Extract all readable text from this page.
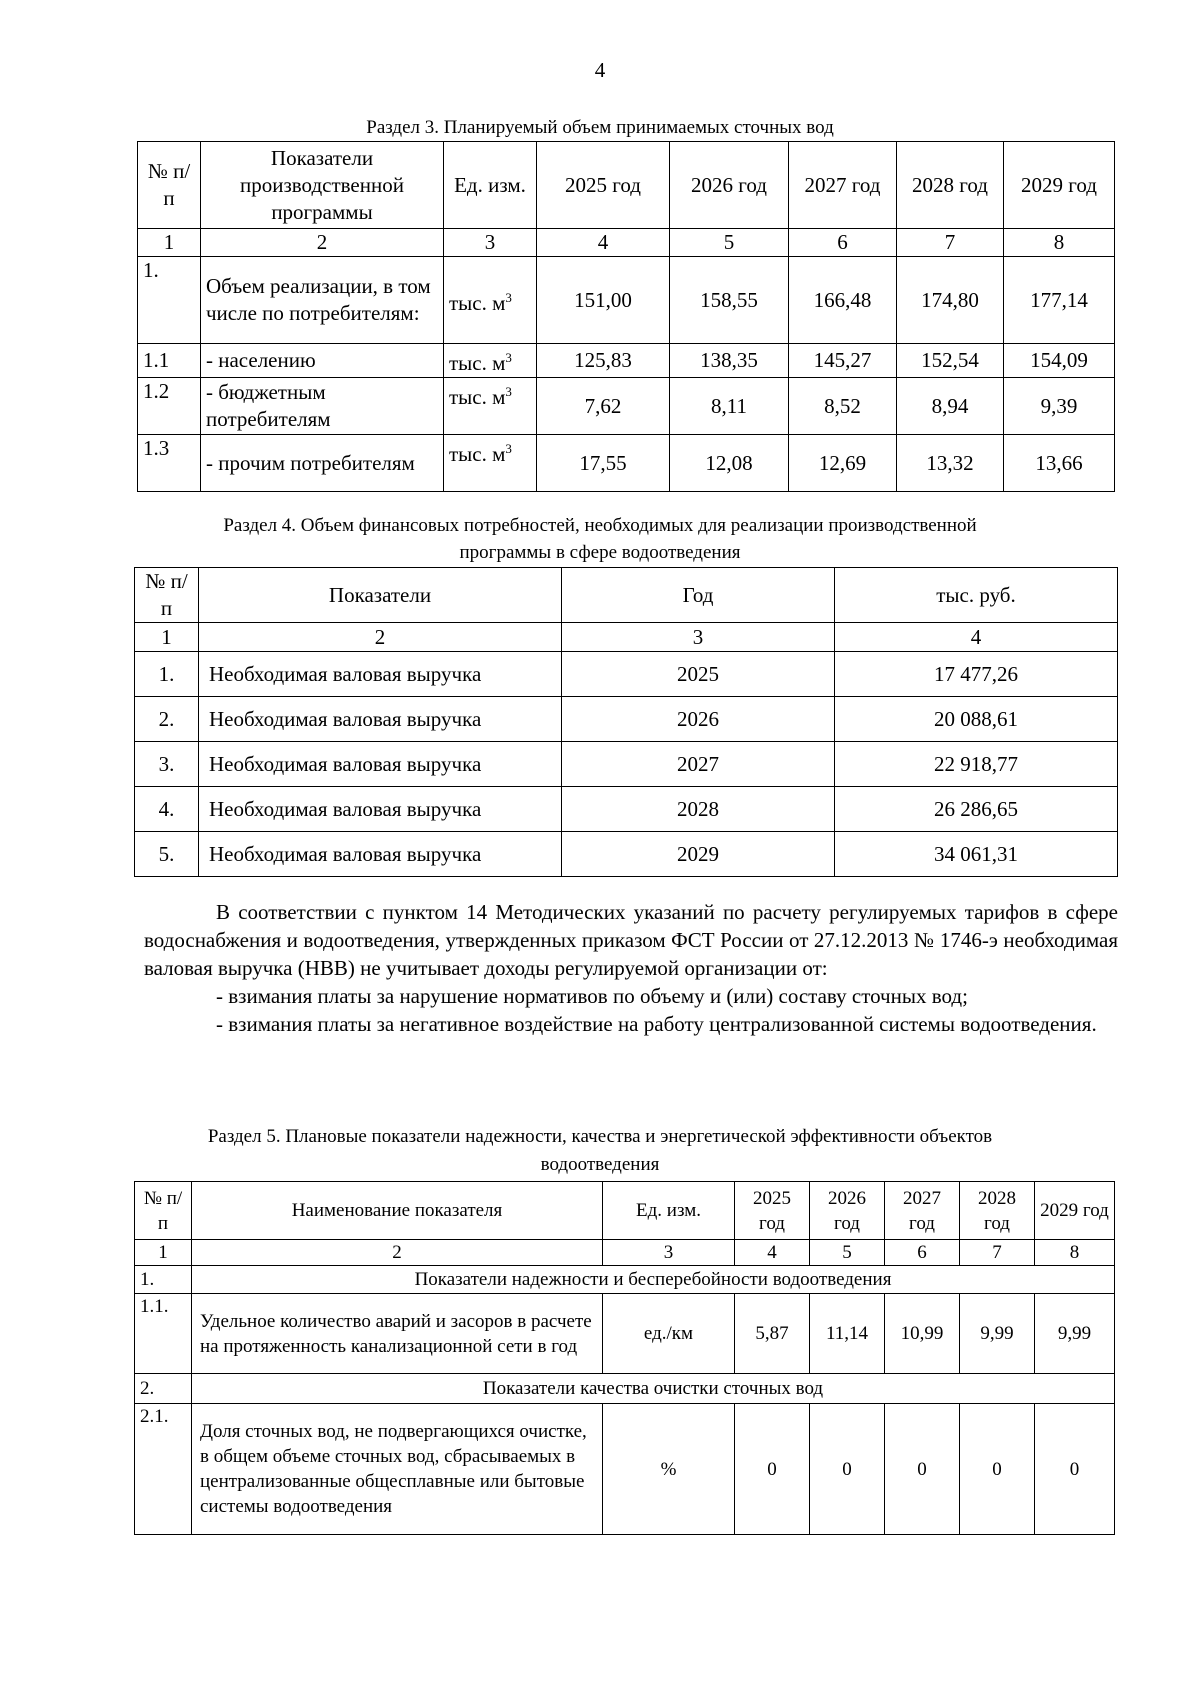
4
Раздел 3. Планируемый объем принимаемых сточных вод
№ п/п	Показатели производственной программы	Ед. изм.	2025 год	2026 год	2027 год	2028 год	2029 год
1	2	3	4	5	6	7	8
1.	Объем реализации, в том числе по потребителям:	тыс. $м^3$	151,00	158,55	166,48	174,80	177,14
1.1	- населению	тыс. $м^3$	125,83	138,35	145,27	152,54	154,09
1.2	- бюджетным потребителям	тыс. $м^3$	7,62	8,11	8,52	8,94	9,39
1.3	- прочим потребителям	тыс. $м^3$	17,55	12,08	12,69	13,32	13,66
Раздел 4. Объем финансовых потребностей, необходимых для реализации производственной
программы в сфере водоотведения
№ п/п	Показатели	Год	тыс. руб.
1	2	3	4
1.	Необходимая валовая выручка	2025	17 477,26
2.	Необходимая валовая выручка	2026	20 088,61
3.	Необходимая валовая выручка	2027	22 918,77
4.	Необходимая валовая выручка	2028	26 286,65
5.	Необходимая валовая выручка	2029	34 061,31
В соответствии с пунктом 14 Методических указаний по расчету регулируемых тарифов в сфере водоснабжения и водоотведения, утвержденных приказом ФСТ России от 27.12.2013 № 1746-э необходимая валовая выручка (НВВ) не учитывает доходы регулируемой организации от:
- взимания платы за нарушение нормативов по объему и (или) составу сточных вод;
- взимания платы за негативное воздействие на работу централизованной системы водоотведения.
Раздел 5. Плановые показатели надежности, качества и энергетической эффективности объектов
водоотведения
№ п/п	Наименование показателя	Ед. изм.	2025 год	2026 год	2027 год	2028 год	2029 год
1	2	3	4	5	6	7	8
1.	Показатели надежности и бесперебойности водоотведения						
1.1.	Удельное количество аварий и засоров в расчете на протяженность канализационной сети в год	ед./км	5,87	11,14	10,99	9,99	9,99
2.	Показатели качества очистки сточных вод						
2.1.	Доля сточных вод, не подвергающихся очистке, в общем объеме сточных вод, сбрасываемых в централизованные общесплавные или бытовые системы водоотведения	%	0	0	0	0	0
